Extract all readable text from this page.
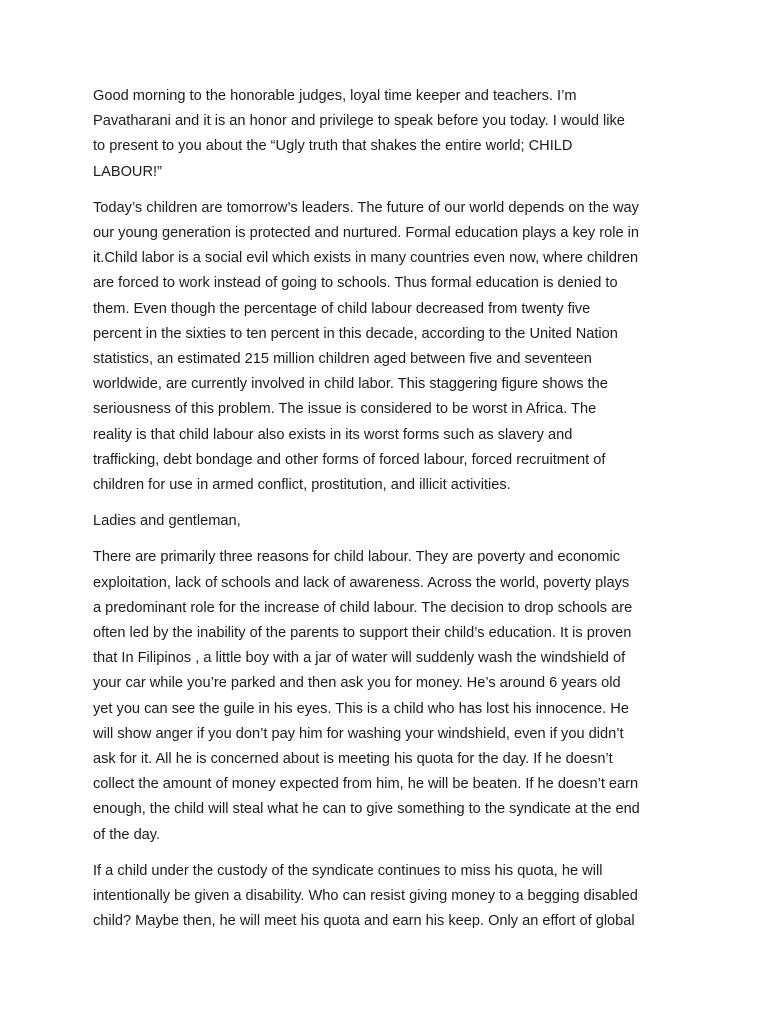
Good morning to the honorable judges, loyal time keeper and teachers. I’m
Pavatharani and it is an honor and privilege to speak before you today. I would like
to present to you about the “Ugly truth that shakes the entire world; CHILD
LABOUR!”

Today’s children are tomorrow’s leaders. The future of our world depends on the way
our young generation is protected and nurtured. Formal education plays a key role in
it.Child labor is a social evil which exists in many countries even now, where children
are forced to work instead of going to schools. Thus formal education is denied to
them. Even though the percentage of child labour decreased from twenty five
percent in the sixties to ten percent in this decade, according to the United Nation
statistics, an estimated 215 million children aged between five and seventeen
worldwide, are currently involved in child labor. This staggering figure shows the
seriousness of this problem. The issue is considered to be worst in Africa. The
reality is that child labour also exists in its worst forms such as slavery and
trafficking, debt bondage and other forms of forced labour, forced recruitment of
children for use in armed conflict, prostitution, and illicit activities.

Ladies and gentleman,

There are primarily three reasons for child labour. They are poverty and economic
exploitation, lack of schools and lack of awareness. Across the world, poverty plays
a predominant role for the increase of child labour. The decision to drop schools are
often led by the inability of the parents to support their child’s education. It is proven
that In Filipinos , a little boy with a jar of water will suddenly wash the windshield of
your car while you’re parked and then ask you for money. He’s around 6 years old
yet you can see the guile in his eyes. This is a child who has lost his innocence. He
will show anger if you don’t pay him for washing your windshield, even if you didn’t
ask for it. All he is concerned about is meeting his quota for the day. If he doesn’t
collect the amount of money expected from him, he will be beaten. If he doesn’t earn
enough, the child will steal what he can to give something to the syndicate at the end
of the day.

If a child under the custody of the syndicate continues to miss his quota, he will
intentionally be given a disability. Who can resist giving money to a begging disabled
child? Maybe then, he will meet his quota and earn his keep. Only an effort of global
